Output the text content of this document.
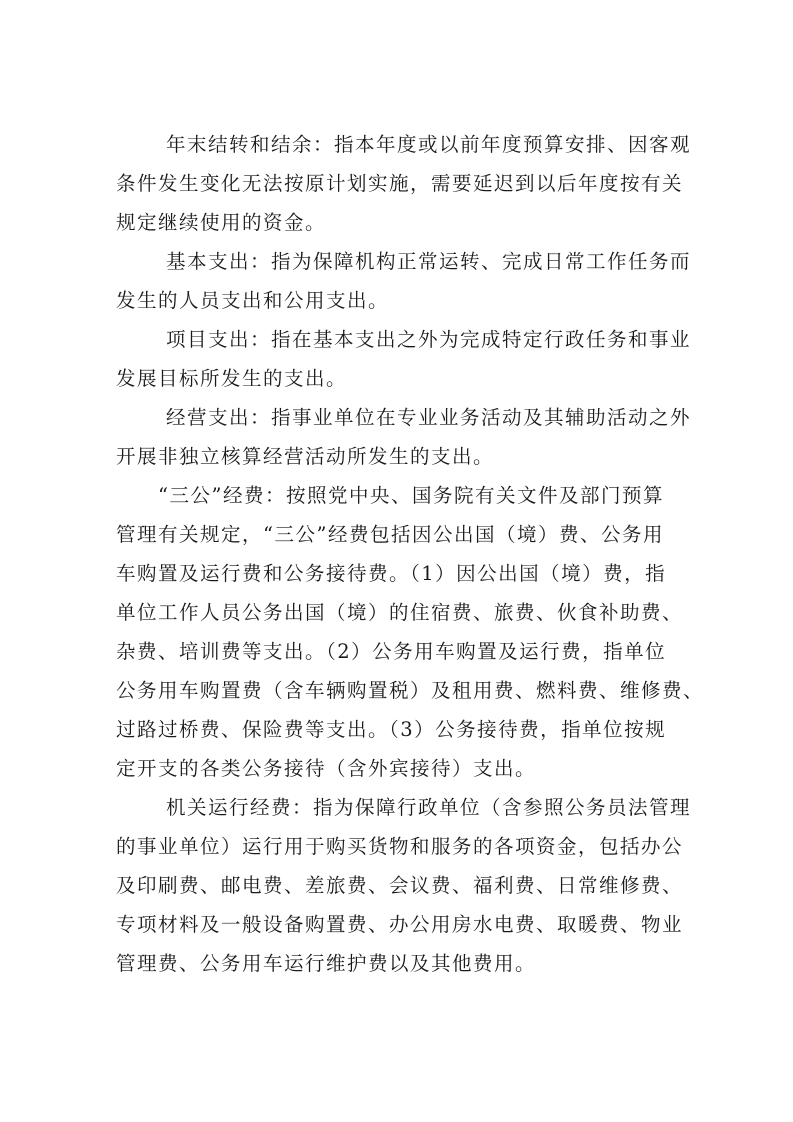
年末结转和结余：指本年度或以前年度预算安排、因客观
条件发生变化无法按原计划实施，需要延迟到以后年度按有关
规定继续使用的资金。

基本支出：指为保障机构正常运转、完成日常工作任务而
发生的人员支出和公用支出。

项目支出：指在基本支出之外为完成特定行政任务和事业
发展目标所发生的支出。

经营支出：指事业单位在专业业务活动及其辅助活动之外
开展非独立核算经营活动所发生的支出。

“三公”经费：按照党中央、国务院有关文件及部门预算
管理有关规定，“三公”经费包括因公出国（境）费、公务用
车购置及运行费和公务接待费。（1）因公出国（境）费，指
单位工作人员公务出国（境）的住宿费、旅费、伙食补助费、
杂费、培训费等支出。（2）公务用车购置及运行费，指单位
公务用车购置费（含车辆购置税）及租用费、燃料费、维修费、
过路过桥费、保险费等支出。（3）公务接待费，指单位按规
定开支的各类公务接待（含外宾接待）支出。

机关运行经费：指为保障行政单位（含参照公务员法管理
的事业单位）运行用于购买货物和服务的各项资金，包括办公
及印刷费、邮电费、差旅费、会议费、福利费、日常维修费、
专项材料及一般设备购置费、办公用房水电费、取暖费、物业
管理费、公务用车运行维护费以及其他费用。
